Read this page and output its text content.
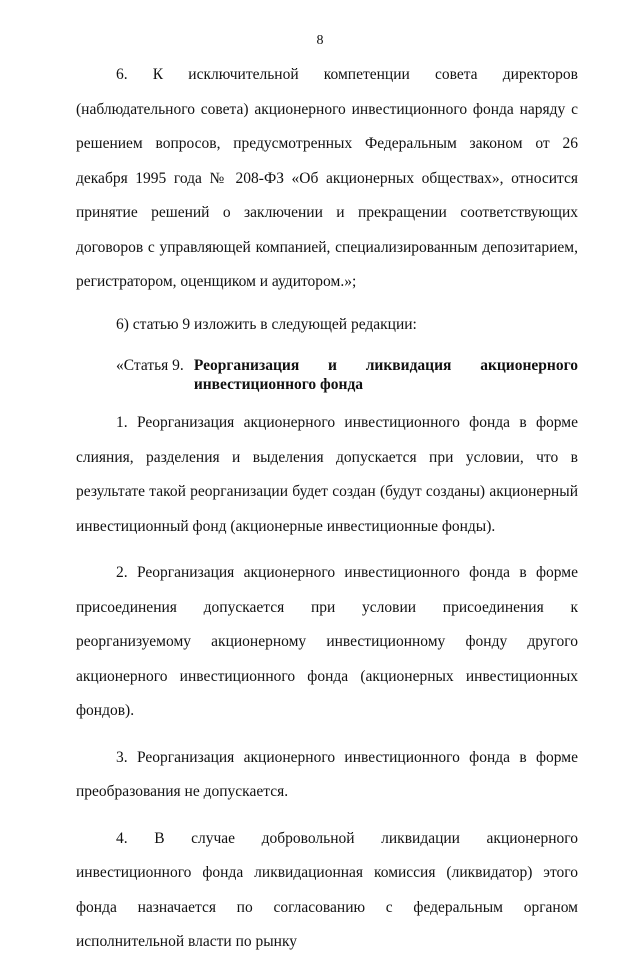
8

6. К исключительной компетенции совета директоров (наблюдательного совета) акционерного инвестиционного фонда наряду с решением вопросов, предусмотренных Федеральным законом от 26 декабря 1995 года № 208-ФЗ «Об акционерных обществах», относится принятие решений о заключении и прекращении соответствующих договоров с управляющей компанией, специализированным депозитарием, регистратором, оценщиком и аудитором.»;

6) статью 9 изложить в следующей редакции:

«Статья 9. Реорганизация и ликвидация акционерного инвестиционного фонда

1. Реорганизация акционерного инвестиционного фонда в форме слияния, разделения и выделения допускается при условии, что в результате такой реорганизации будет создан (будут созданы) акционерный инвестиционный фонд (акционерные инвестиционные фонды).

2. Реорганизация акционерного инвестиционного фонда в форме присоединения допускается при условии присоединения к реорганизуемому акционерному инвестиционному фонду другого акционерного инвестиционного фонда (акционерных инвестиционных фондов).

3. Реорганизация акционерного инвестиционного фонда в форме преобразования не допускается.

4. В случае добровольной ликвидации акционерного инвестиционного фонда ликвидационная комиссия (ликвидатор) этого фонда назначается по согласованию с федеральным органом исполнительной власти по рынку
